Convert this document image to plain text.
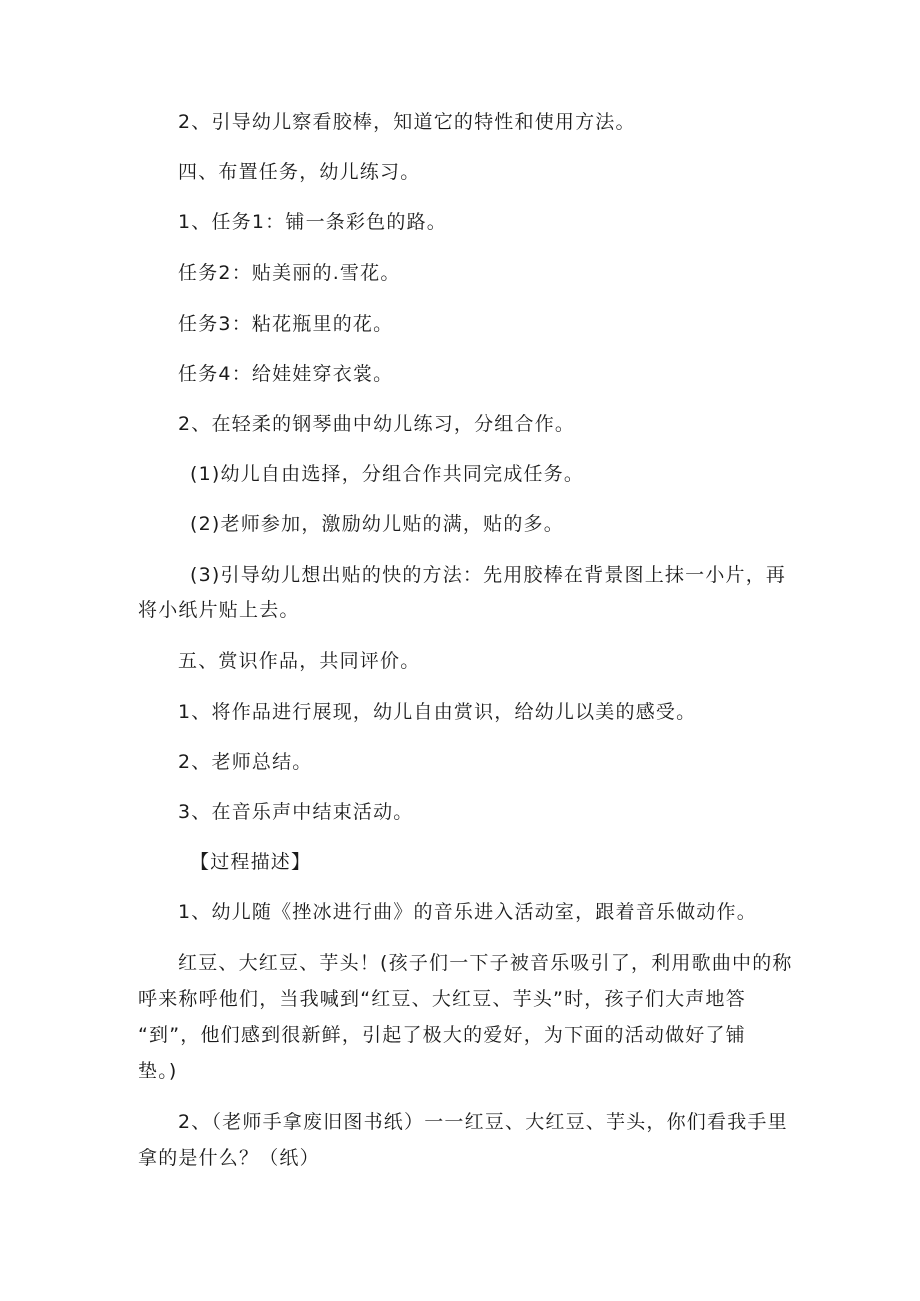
2、引导幼儿察看胶棒，知道它的特性和使用方法。
四、布置任务，幼儿练习。
1、任务1：铺一条彩色的路。
任务2：贴美丽的.雪花。
任务3：粘花瓶里的花。
任务4：给娃娃穿衣裳。
2、在轻柔的钢琴曲中幼儿练习，分组合作。
(1)幼儿自由选择，分组合作共同完成任务。
(2)老师参加，激励幼儿贴的满，贴的多。
(3)引导幼儿想出贴的快的方法：先用胶棒在背景图上抹一小片，再
将小纸片贴上去。
五、赏识作品，共同评价。
1、将作品进行展现，幼儿自由赏识，给幼儿以美的感受。
2、老师总结。
3、在音乐声中结束活动。
【过程描述】
1、幼儿随《挫冰进行曲》的音乐进入活动室，跟着音乐做动作。
红豆、大红豆、芋头！(孩子们一下子被音乐吸引了，利用歌曲中的称
呼来称呼他们，当我喊到“红豆、大红豆、芋头”时，孩子们大声地答
“到”，他们感到很新鲜，引起了极大的爱好，为下面的活动做好了铺
垫。)
2、（老师手拿废旧图书纸）一一红豆、大红豆、芋头，你们看我手里
拿的是什么？（纸）
